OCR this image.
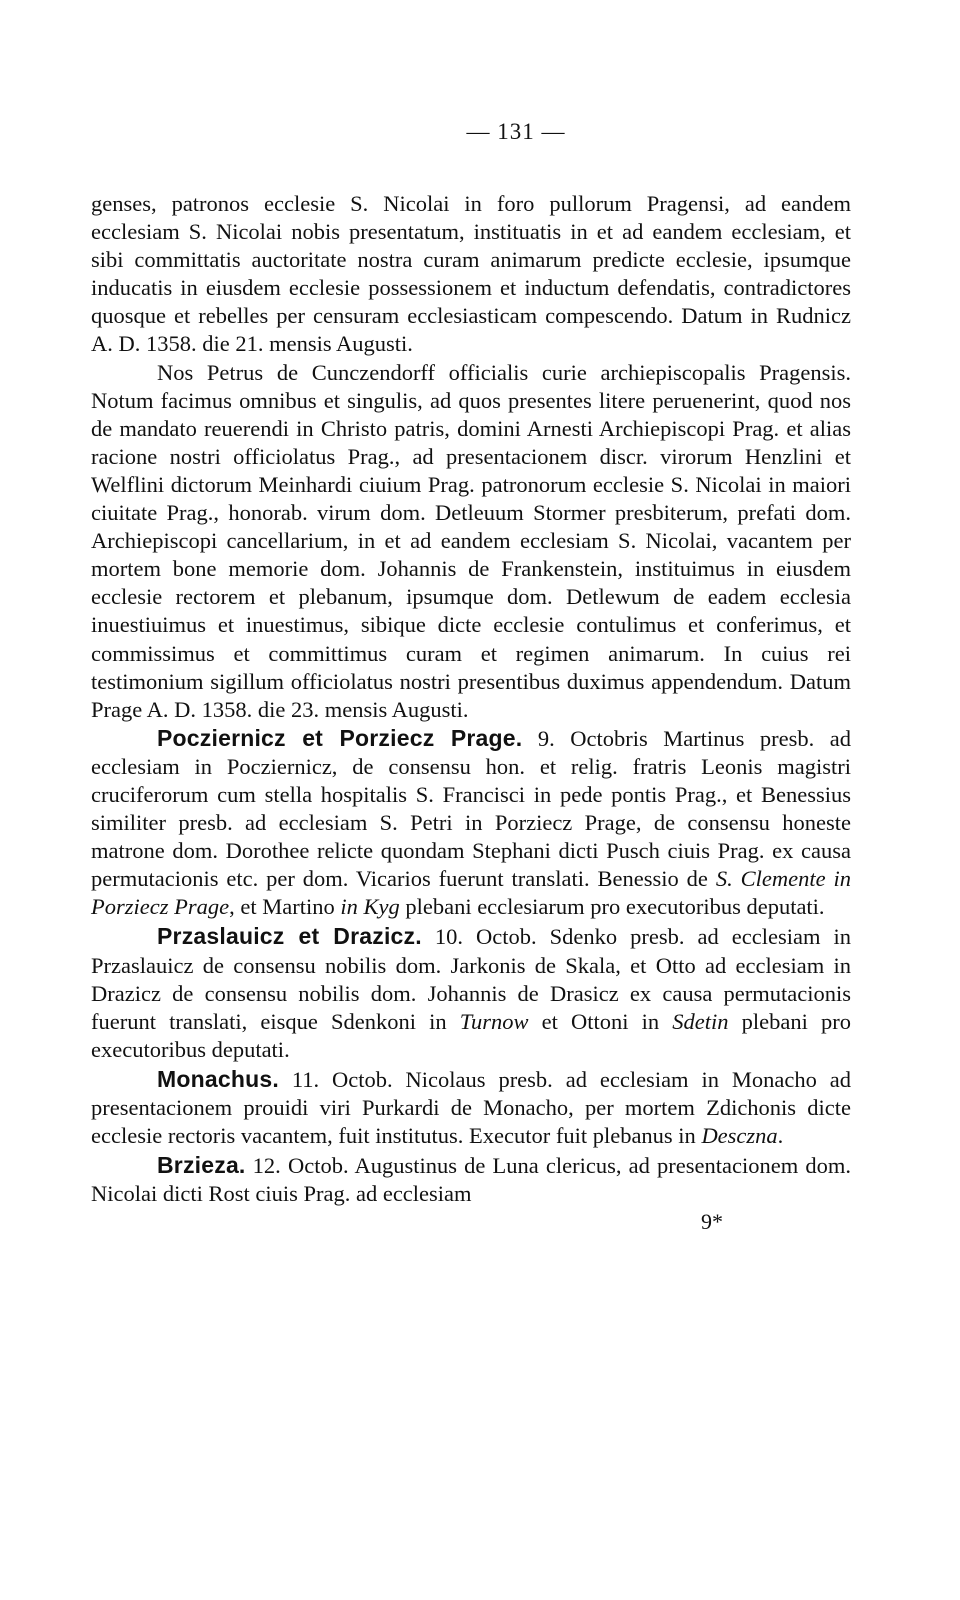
— 131 —

genses, patronos ecclesie S. Nicolai in foro pullorum Pragensi, ad eandem ecclesiam S. Nicolai nobis presentatum, instituatis in et ad eandem ecclesiam, et sibi committatis auctoritate nostra curam animarum predicte ecclesie, ipsumque inducatis in eiusdem ecclesie possessionem et inductum defendatis, contradictores quosque et rebelles per censuram ecclesiasticam compescendo. Datum in Rudnicz A. D. 1358. die 21. mensis Augusti.

Nos Petrus de Cunczendorff officialis curie archiepiscopalis Pragensis. Notum facimus omnibus et singulis, ad quos presentes litere peruenerint, quod nos de mandato reuerendi in Christo patris, domini Arnesti Archiepiscopi Prag. et alias racione nostri officiolatus Prag., ad presentacionem discr. virorum Henzlini et Welflini dictorum Meinhardi ciuium Prag. patronorum ecclesie S. Nicolai in maiori ciuitate Prag., honorab. virum dom. Detleuum Stormer presbiterum, prefati dom. Archiepiscopi cancellarium, in et ad eandem ecclesiam S. Nicolai, vacantem per mortem bone memorie dom. Johannis de Frankenstein, instituimus in eiusdem ecclesie rectorem et plebanum, ipsumque dom. Detlewum de eadem ecclesia inuestiuimus et inuestimus, sibique dicte ecclesie contulimus et conferimus, et commissimus et committimus curam et regimen animarum. In cuius rei testimonium sigillum officiolatus nostri presentibus duximus appendendum. Datum Prage A. D. 1358. die 23. mensis Augusti.

Pocziernicz et Porziecz Prage. 9. Octobris Martinus presb. ad ecclesiam in Pocziernicz, de consensu hon. et relig. fratris Leonis magistri cruciferorum cum stella hospitalis S. Francisci in pede pontis Prag., et Benessius similiter presb. ad ecclesiam S. Petri in Porziecz Prage, de consensu honeste matrone dom. Dorothee relicte quondam Stephani dicti Pusch ciuis Prag. ex causa permutacionis etc. per dom. Vicarios fuerunt translati. Benessio de S. Clemente in Porziecz Prage, et Martino in Kyg plebani ecclesiarum pro executoribus deputati.

Przaslauicz et Drazicz. 10. Octob. Sdenko presb. ad ecclesiam in Przaslauicz de consensu nobilis dom. Jarkonis de Skala, et Otto ad ecclesiam in Drazicz de consensu nobilis dom. Johannis de Drasicz ex causa permutacionis fuerunt translati, eisque Sdenkoni in Turnow et Ottoni in Sdetin plebani pro executoribus deputati.

Monachus. 11. Octob. Nicolaus presb. ad ecclesiam in Monacho ad presentacionem prouidi viri Purkardi de Monacho, per mortem Zdichonis dicte ecclesie rectoris vacantem, fuit institutus. Executor fuit plebanus in Desczna.

Brzieza. 12. Octob. Augustinus de Luna clericus, ad presentacionem dom. Nicolai dicti Rost ciuis Prag. ad ecclesiam

9*
